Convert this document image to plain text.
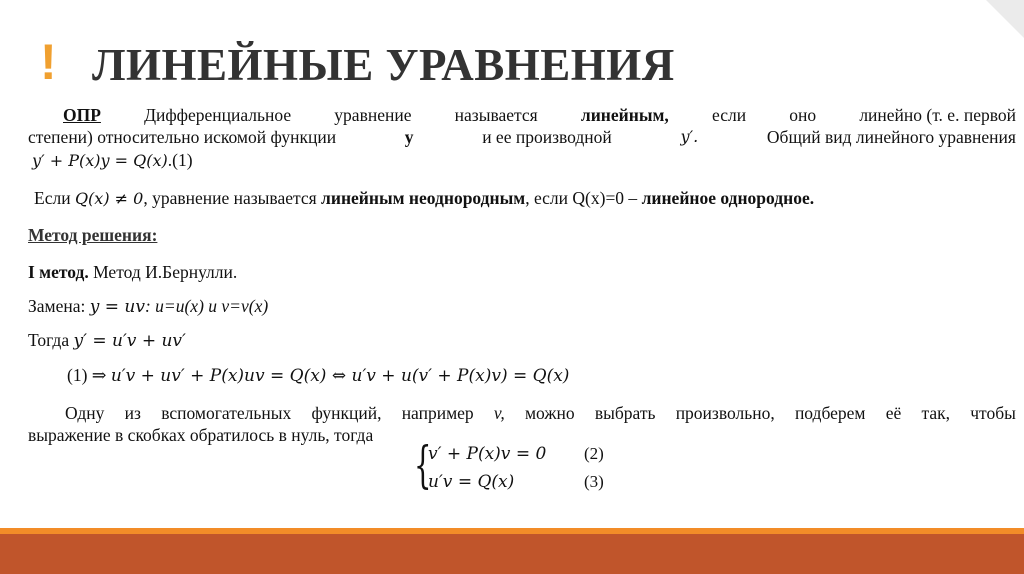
! ЛИНЕЙНЫЕ УРАВНЕНИЯ
ОПР Дифференциальное уравнение называется линейным, если оно линейно (т. е. первой
степени) относительно искомой функции	y	и ее производной	y′.	Общий вид линейного уравнения
y′ + P(x)y = Q(x).(1)
Если Q(x) ≠ 0, уравнение называется линейным неоднородным, если Q(x)=0 – линейное однородное.
Метод решения:
I метод. Метод И.Бернулли.
Замена: y = uv: u=u(x) и v=v(x)
Тогда y′ = u′v + uv′
(1) ⇒ u′v + uv′ + P(x)uv = Q(x) ⇔ u′v + u(v′ + P(x)v) = Q(x)
Одну из вспомогательных функций, например v, можно выбрать произвольно, подберем её так, чтобы
выражение в скобках обратилось в нуль, тогда
{
v′ + P(x)v = 0 (2)
u′v = Q(x)	(3)
